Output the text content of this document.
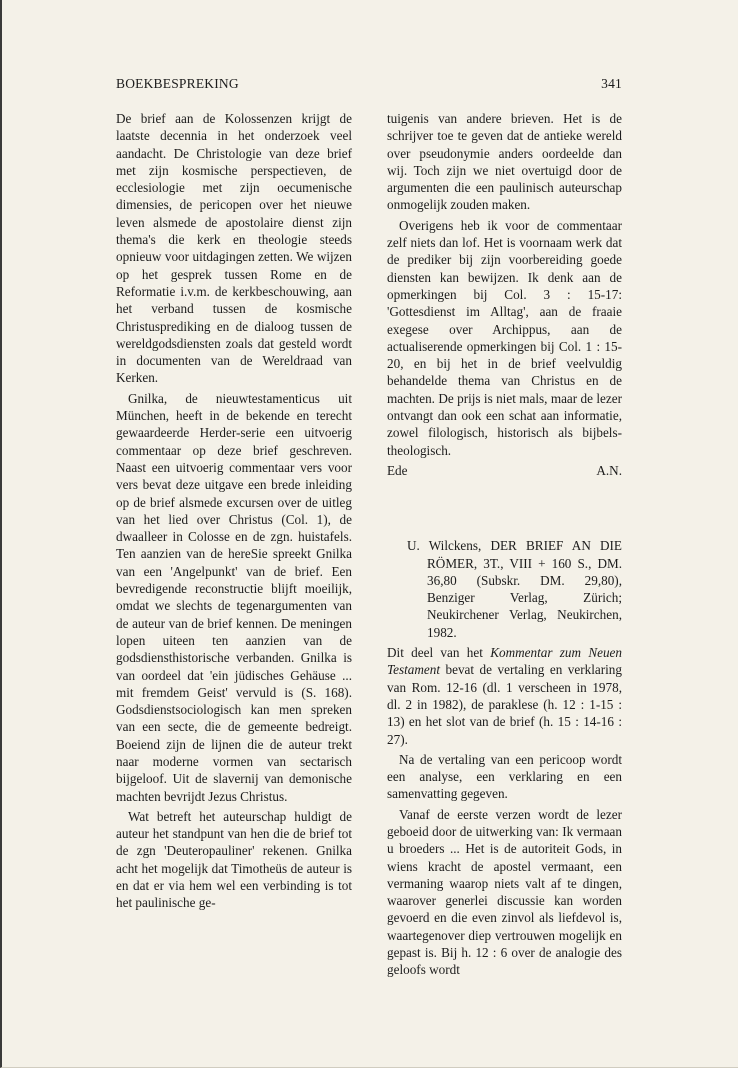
BOEKBESPREKING	341

De brief aan de Kolossenzen krijgt de laatste decennia in het onderzoek veel aandacht. De Christologie van deze brief met zijn kosmische perspectieven, de ecclesiologie met zijn oecumenische dimensies, de pericopen over het nieuwe leven alsmede de apostolaire dienst zijn thema's die kerk en theologie steeds opnieuw voor uitdagingen zetten. We wijzen op het gesprek tussen Rome en de Reformatie i.v.m. de kerkbeschouwing, aan het verband tussen de kosmische Christusprediking en de dialoog tussen de wereldgodsdiensten zoals dat gesteld wordt in documenten van de Wereldraad van Kerken.

Gnilka, de nieuwtestamenticus uit München, heeft in de bekende en terecht gewaardeerde Herder-serie een uitvoerig commentaar op deze brief geschreven. Naast een uitvoerig commentaar vers voor vers bevat deze uitgave een brede inleiding op de brief alsmede excursen over de uitleg van het lied over Christus (Col. 1), de dwaalleer in Colosse en de zgn. huistafels. Ten aanzien van de hereSie spreekt Gnilka van een 'Angelpunkt' van de brief. Een bevredigende reconstructie blijft moeilijk, omdat we slechts de tegenargumenten van de auteur van de brief kennen. De meningen lopen uiteen ten aanzien van de godsdiensthistorische verbanden. Gnilka is van oordeel dat 'ein jüdisches Gehäuse ... mit fremdem Geist' vervuld is (S. 168). Godsdienstsociologisch kan men spreken van een secte, die de gemeente bedreigt. Boeiend zijn de lijnen die de auteur trekt naar moderne vormen van sectarisch bijgeloof. Uit de slavernij van demonische machten bevrijdt Jezus Christus.

Wat betreft het auteurschap huldigt de auteur het standpunt van hen die de brief tot de zgn 'Deuteropauliner' rekenen. Gnilka acht het mogelijk dat Timotheüs de auteur is en dat er via hem wel een verbinding is tot het paulinische ge-

tuigenis van andere brieven. Het is de schrijver toe te geven dat de antieke wereld over pseudonymie anders oordeelde dan wij. Toch zijn we niet overtuigd door de argumenten die een paulinisch auteurschap onmogelijk zouden maken.

Overigens heb ik voor de commentaar zelf niets dan lof. Het is voornaam werk dat de prediker bij zijn voorbereiding goede diensten kan bewijzen. Ik denk aan de opmerkingen bij Col. 3 : 15-17: 'Gottesdienst im Alltag', aan de fraaie exegese over Archippus, aan de actualiserende opmerkingen bij Col. 1 : 15-20, en bij het in de brief veelvuldig behandelde thema van Christus en de machten. De prijs is niet mals, maar de lezer ontvangt dan ook een schat aan informatie, zowel filologisch, historisch als bijbels-theologisch.

Ede	A.N.
U. Wilckens, DER BRIEF AN DIE RÖMER, 3T., VIII + 160 S., DM. 36,80 (Subskr. DM. 29,80), Benziger Verlag, Zürich; Neukirchener Verlag, Neukirchen, 1982.

Dit deel van het Kommentar zum Neuen Testament bevat de vertaling en verklaring van Rom. 12-16 (dl. 1 verscheen in 1978, dl. 2 in 1982), de paraklese (h. 12 : 1-15 : 13) en het slot van de brief (h. 15 : 14-16 : 27).

Na de vertaling van een pericoop wordt een analyse, een verklaring en een samenvatting gegeven.

Vanaf de eerste verzen wordt de lezer geboeid door de uitwerking van: Ik vermaan u broeders ... Het is de autoriteit Gods, in wiens kracht de apostel vermaant, een vermaning waarop niets valt af te dingen, waarover generlei discussie kan worden gevoerd en die even zinvol als liefdevol is, waartegenover diep vertrouwen mogelijk en gepast is. Bij h. 12 : 6 over de analogie des geloofs wordt
